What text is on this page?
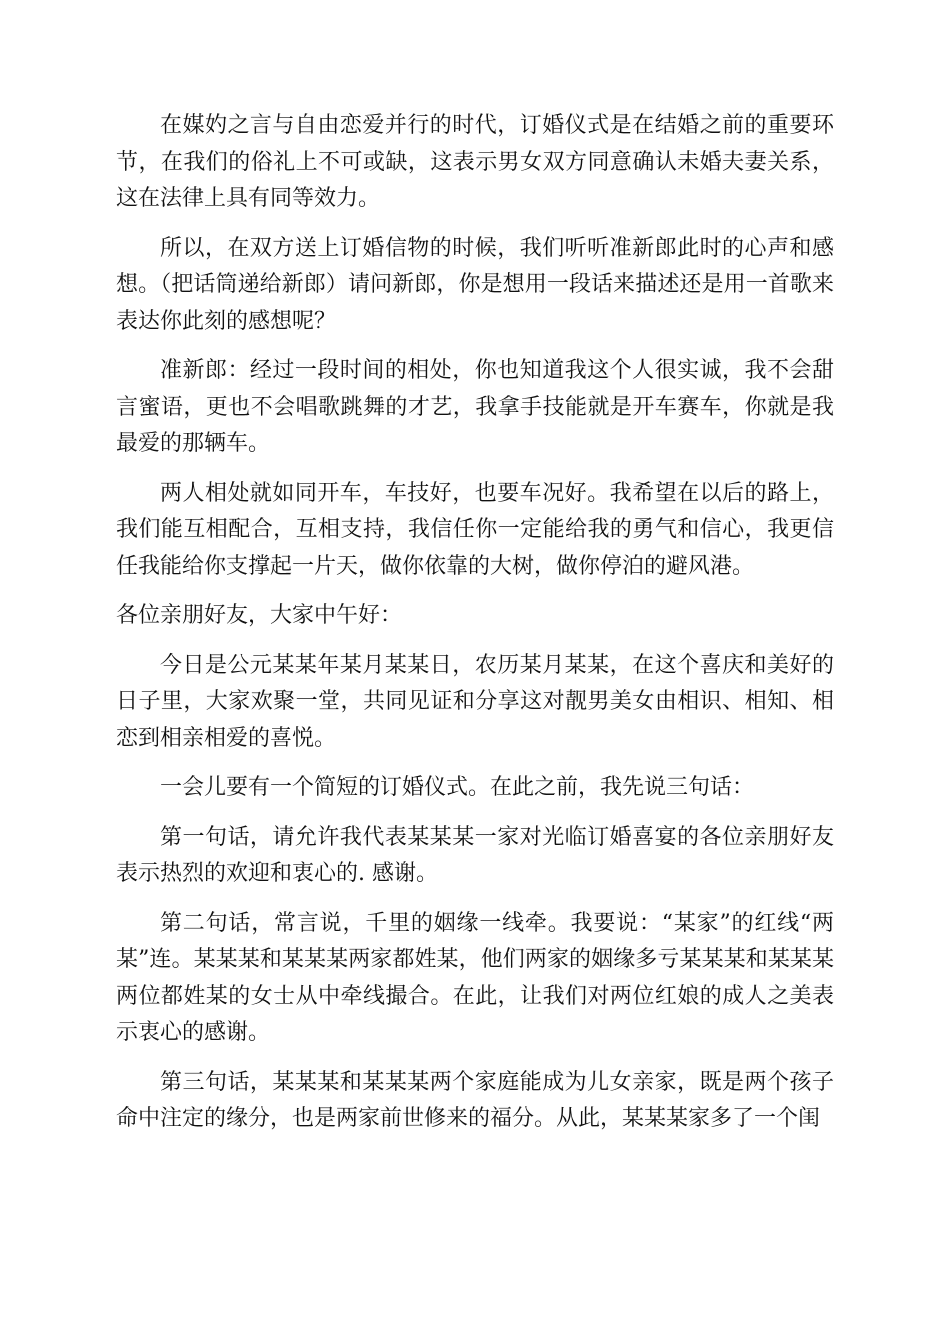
在媒妁之言与自由恋爱并行的时代，订婚仪式是在结婚之前的重要环节，在我们的俗礼上不可或缺，这表示男女双方同意确认未婚夫妻关系，这在法律上具有同等效力。

所以，在双方送上订婚信物的时候，我们听听准新郎此时的心声和感想。（把话筒递给新郎）请问新郎，你是想用一段话来描述还是用一首歌来表达你此刻的感想呢？

准新郎：经过一段时间的相处，你也知道我这个人很实诚，我不会甜言蜜语，更也不会唱歌跳舞的才艺，我拿手技能就是开车赛车，你就是我最爱的那辆车。

两人相处就如同开车，车技好，也要车况好。我希望在以后的路上，我们能互相配合，互相支持，我信任你一定能给我的勇气和信心，我更信任我能给你支撑起一片天，做你依靠的大树，做你停泊的避风港。

各位亲朋好友，大家中午好：

今日是公元某某年某月某某日，农历某月某某，在这个喜庆和美好的日子里，大家欢聚一堂，共同见证和分享这对靓男美女由相识、相知、相恋到相亲相爱的喜悦。

一会儿要有一个简短的订婚仪式。在此之前，我先说三句话：

第一句话，请允许我代表某某某一家对光临订婚喜宴的各位亲朋好友表示热烈的欢迎和衷心的. 感谢。

第二句话，常言说，千里的姻缘一线牵。我要说：“某家”的红线“两某”连。某某某和某某某两家都姓某，他们两家的姻缘多亏某某某和某某某两位都姓某的女士从中牵线撮合。在此，让我们对两位红娘的成人之美表示衷心的感谢。

第三句话，某某某和某某某两个家庭能成为儿女亲家，既是两个孩子命中注定的缘分，也是两家前世修来的福分。从此，某某某家多了一个闺
